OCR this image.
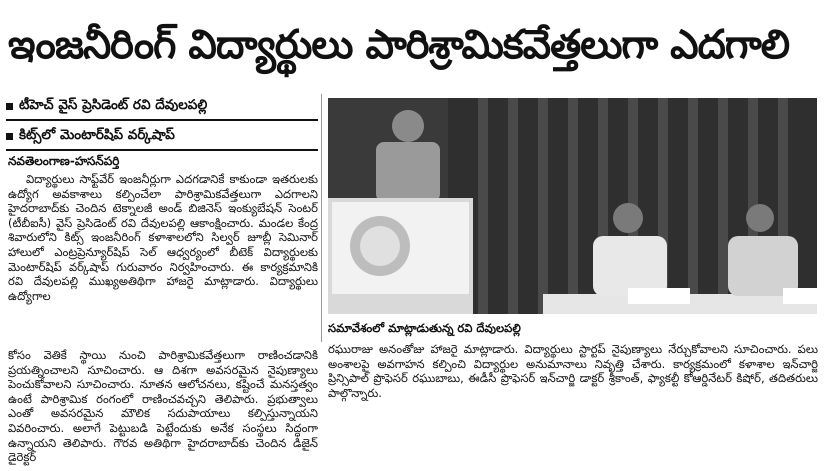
ఇంజనీరింగ్ విద్యార్థులు పారిశ్రామికవేత్తలుగా ఎదగాలి
టీహెచ్ వైస్ ప్రెసిడెంట్ రవి దేవులపల్లి
కిట్స్‌లో మెంటార్‌షిప్ వర్క్‌షాప్
నవతెలంగాణ-హసన్‌పర్తి
విద్యార్థులు సాఫ్ట్‌వేర్ ఇంజనీర్లుగా ఎదగడానికే కాకుండా ఇతరులకు ఉద్యోగ అవకాశాలు కల్పించేలా పారిశ్రామికవేత్తలుగా ఎదగాలని హైదరాబాద్‌కు చెందిన టెక్నాలజీ అండ్ బిజినెస్ ఇంక్యుబేషన్ సెంటర్ (టీబీఐసీ) వైస్ ప్రెసిడెంట్ రవి దేవులపల్లి ఆకాంక్షించారు. మండల కేంద్ర శివారులోని కిట్స్ ఇంజనీరింగ్ కళాశాలలోని సిల్వర్ జూబ్లీ సెమినార్ హాలులో ఎంట్రప్రెన్యూర్‌షిప్ సెల్ ఆధ్వర్యంలో బీటెక్ విద్యార్థులకు మెంటార్‌షిప్ వర్క్‌షాప్ గురువారం నిర్వహించారు. ఈ కార్యక్రమానికి రవి దేవులపల్లి ముఖ్యఅతిథిగా హాజరై మాట్లాడారు. విద్యార్థులు ఉద్యోగాల
కోసం వెతికే స్థాయి నుంచి పారిశ్రామికవేత్తలుగా రాణించడానికి ప్రయత్నించాలని సూచించారు. ఆ దిశగా అవసరమైన నైపుణ్యాలు పెంచుకోవాలని సూచించారు. నూతన ఆలోచనలు, కష్టించే మనస్తత్వం ఉంటే పారిశ్రామిక రంగంలో రాణించవచ్చని తెలిపారు. ప్రభుత్వాలు ఎంతో అవసరమైన మౌలిక సదుపాయాలు కల్పిస్తున్నాయని వివరించారు. అలాగే పెట్టుబడి పెట్టేందుకు అనేక సంస్థలు సిద్ధంగా ఉన్నాయని తెలిపారు. గౌరవ అతిథిగా హైదరాబాద్‌కు చెందిన డిజైన్ డైరెక్టర్
సమావేశంలో మాట్లాడుతున్న రవి దేవులపల్లి
రఘురాజు అనంతోజు హాజరై మాట్లాడారు. విద్యార్థులు స్టార్టప్ నైపుణ్యాలు నేర్చుకోవాలని సూచించారు. పలు అంశాలపై అవగాహన కల్పించి విద్యార్థుల అనుమానాలు నివృత్తి చేశారు. కార్యక్రమంలో కళాశాల ఇన్‌చార్జి ప్రిన్సిపాల్ ప్రొఫెసర్ రఘుబాబు, ఈడీసీ ప్రొఫెసర్ ఇన్‌చార్జి డాక్టర్ శ్రీకాంత్, ఫ్యాకల్టీ కోఆర్డినేటర్ కిషోర్, తదితరులు పాల్గొన్నారు.
